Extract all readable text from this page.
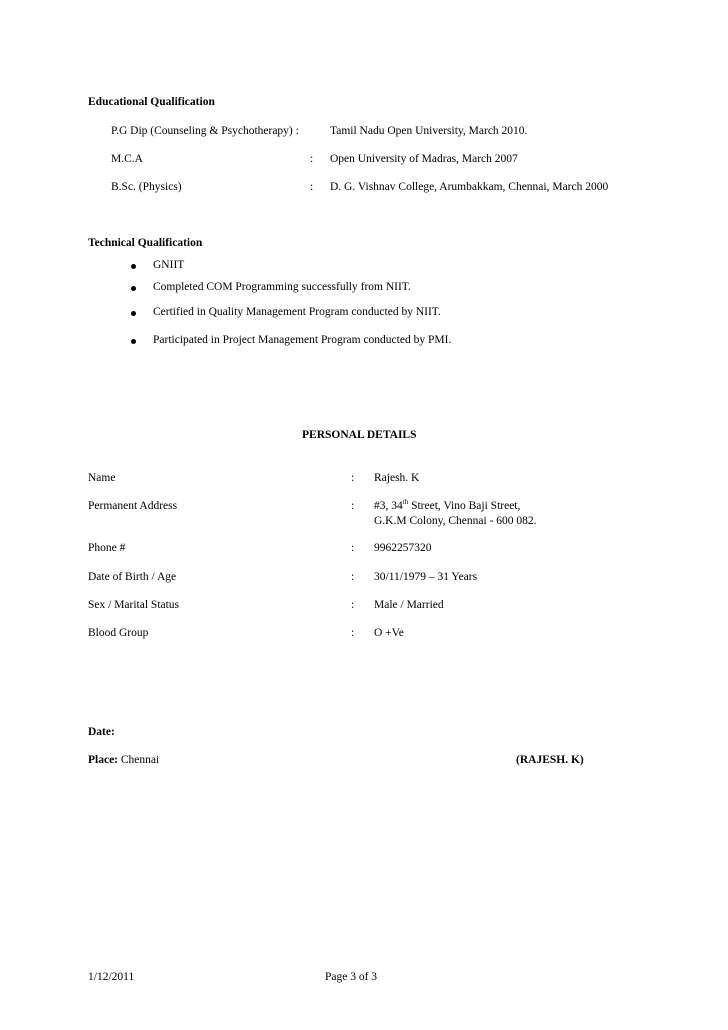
Educational Qualification
P.G Dip (Counseling & Psychotherapy) :	Tamil Nadu Open University, March 2010.
M.C.A	: Open University of Madras, March 2007
B.Sc. (Physics)	: D. G. Vishnav College, Arumbakkam, Chennai, March 2000
Technical Qualification
GNIIT
Completed COM Programming successfully from NIIT.
Certified in Quality Management Program conducted by NIIT.
Participated in Project Management Program conducted by PMI.
PERSONAL DETAILS
Name	: Rajesh. K
Permanent Address	: #3, 34th Street, Vino Baji Street,
G.K.M Colony, Chennai - 600 082.
Phone #	: 9962257320
Date of Birth / Age	: 30/11/1979 – 31 Years
Sex / Marital Status	: Male / Married
Blood Group	: O +Ve
Date:
Place: Chennai	(RAJESH. K)
1/12/2011	Page 3 of 3
